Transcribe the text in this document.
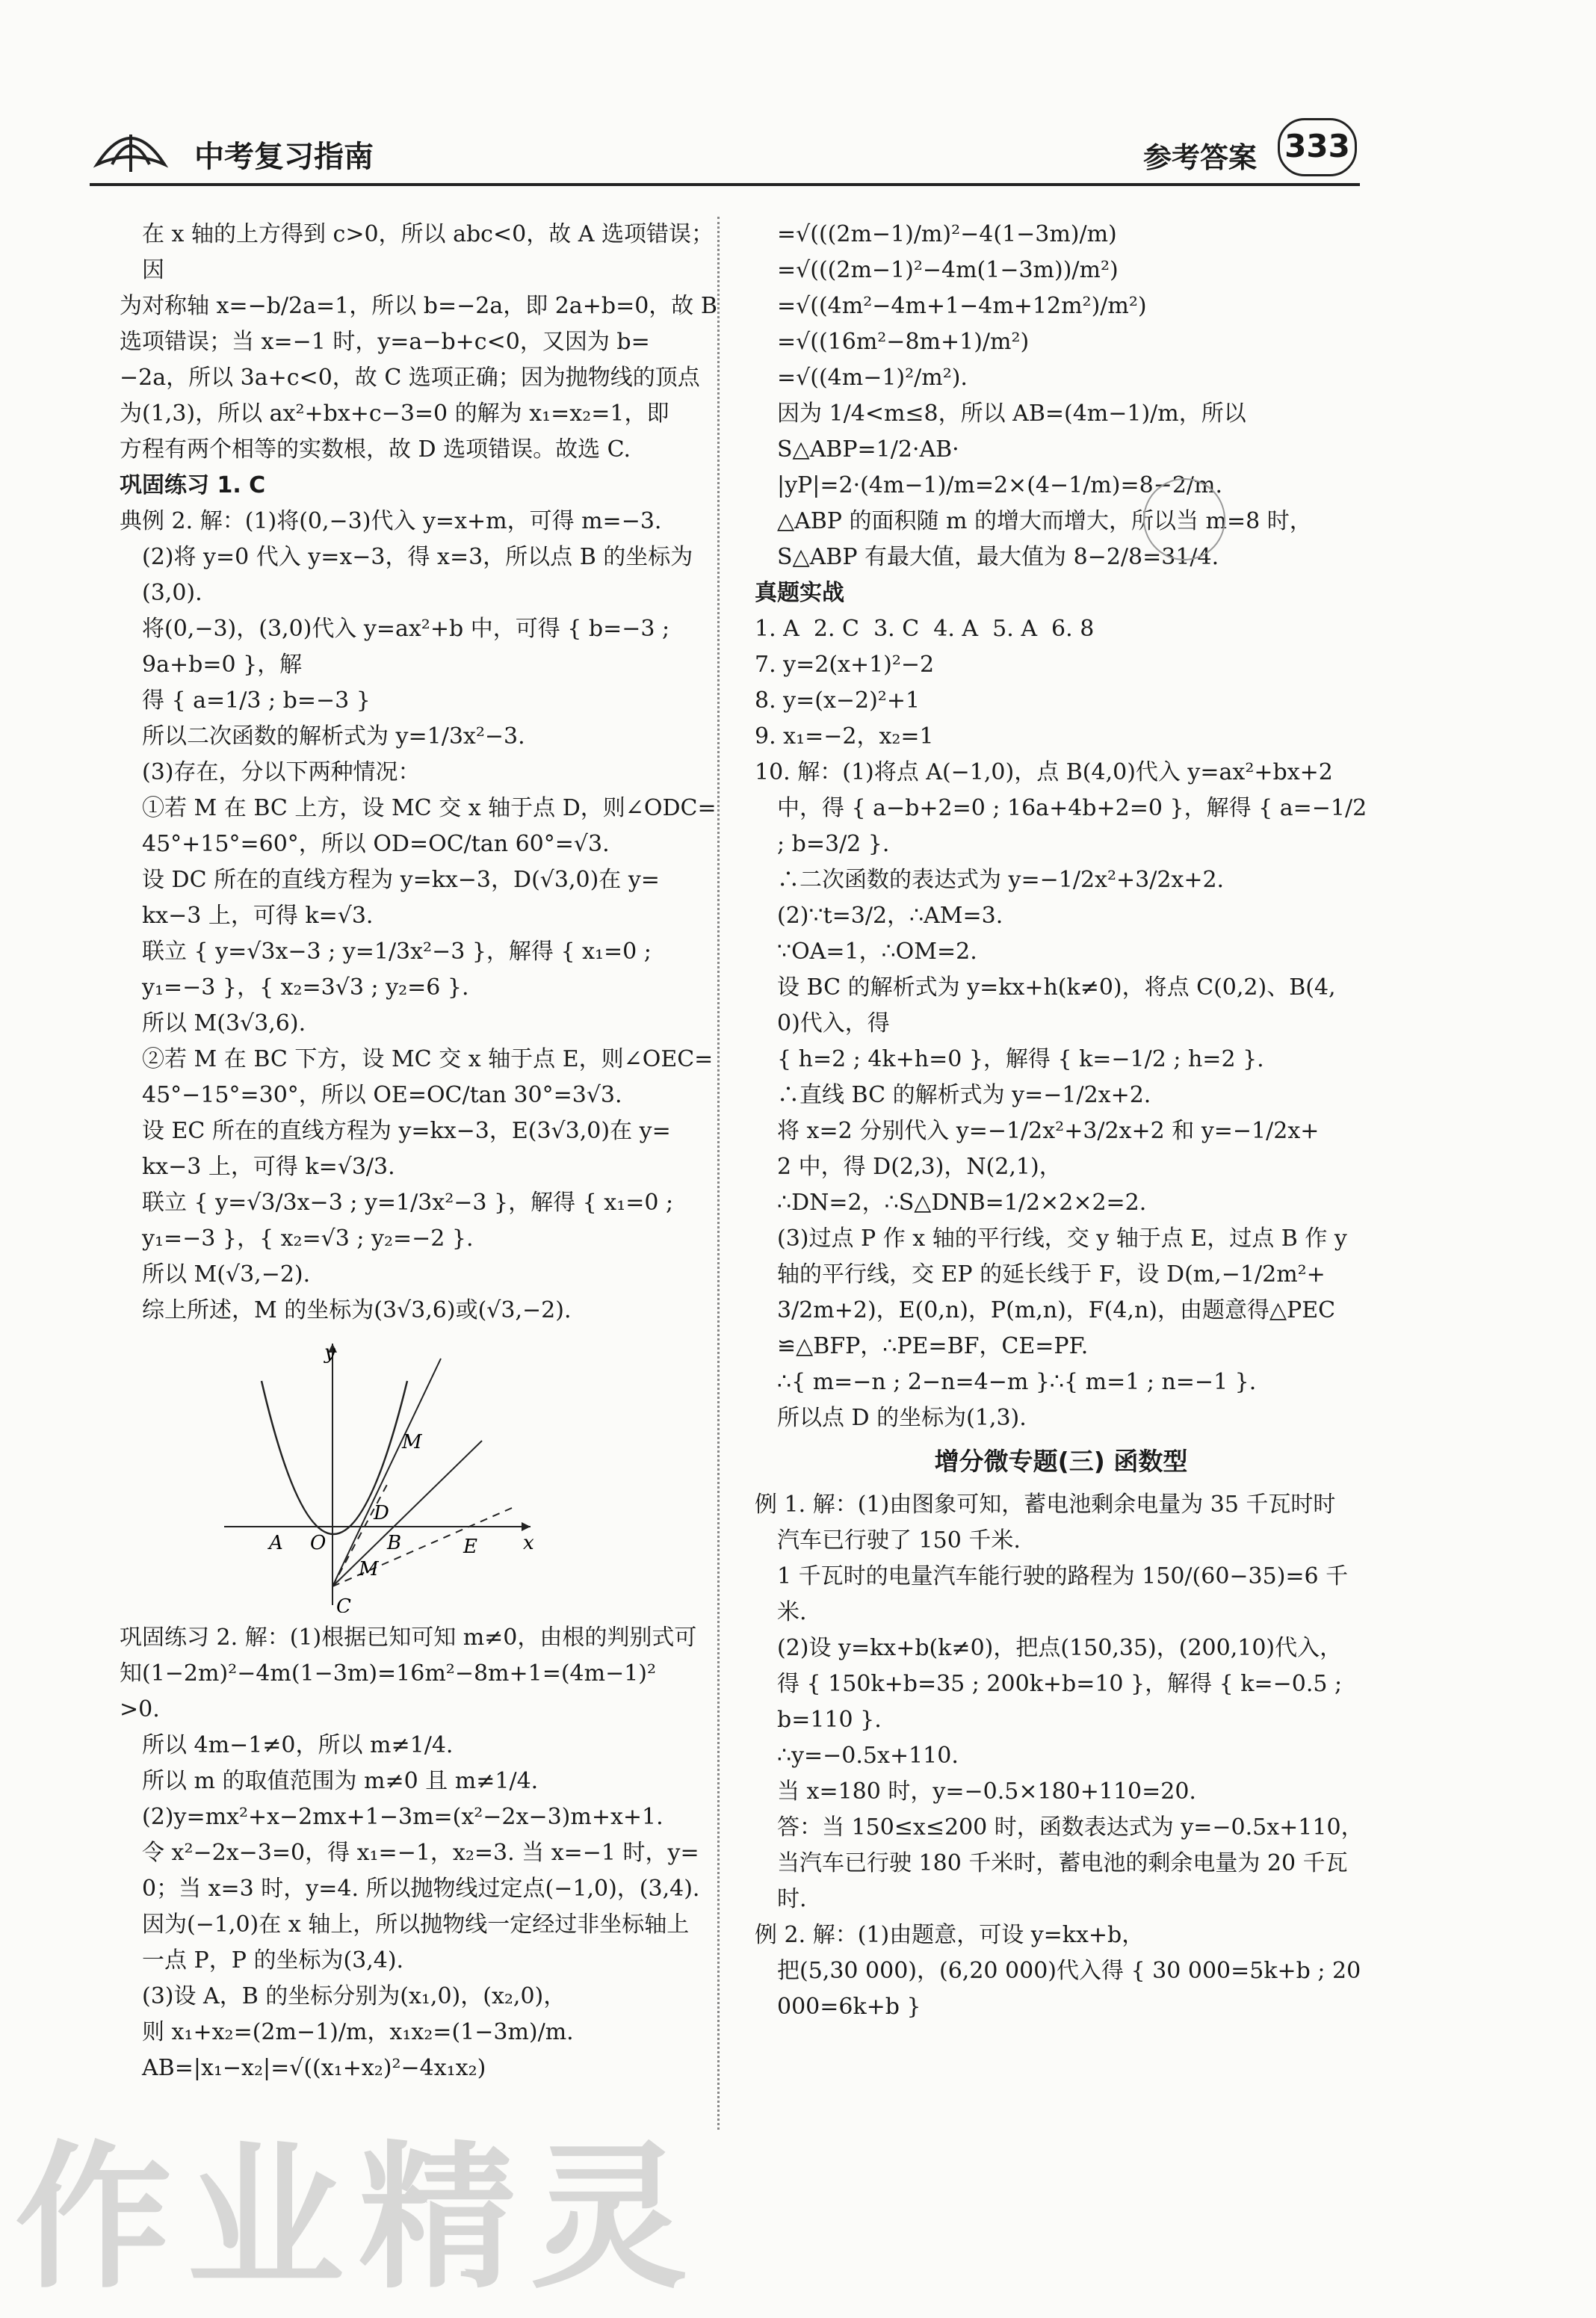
中考复习指南	参考答案 333

在 x 轴的上方得到 c>0，所以 abc<0，故 A 选项错误；因

为对称轴 x=−b/2a=1，所以 b=−2a，即 2a+b=0，故 B

选项错误；当 x=−1 时，y=a−b+c<0，又因为 b=

−2a，所以 3a+c<0，故 C 选项正确；因为抛物线的顶点

为(1,3)，所以 ax²+bx+c−3=0 的解为 x₁=x₂=1，即

方程有两个相等的实数根，故 D 选项错误。故选 C.

巩固练习 1. C

典例 2. 解：(1)将(0,−3)代入 y=x+m，可得 m=−3.

(2)将 y=0 代入 y=x−3，得 x=3，所以点 B 的坐标为

(3,0).

将(0,−3)，(3,0)代入 y=ax²+b 中，可得 { b=−3 ; 9a+b=0 }，解

得 { a=1/3 ; b=−3 }

所以二次函数的解析式为 y=1/3x²−3.

(3)存在，分以下两种情况：

①若 M 在 BC 上方，设 MC 交 x 轴于点 D，则∠ODC=

45°+15°=60°，所以 OD=OC/tan 60°=√3.

设 DC 所在的直线方程为 y=kx−3，D(√3,0)在 y=

kx−3 上，可得 k=√3.

联立 { y=√3x−3 ; y=1/3x²−3 }，解得 { x₁=0 ; y₁=−3 }，{ x₂=3√3 ; y₂=6 }.

所以 M(3√3,6).

②若 M 在 BC 下方，设 MC 交 x 轴于点 E，则∠OEC=

45°−15°=30°，所以 OE=OC/tan 30°=3√3.

设 EC 所在的直线方程为 y=kx−3，E(3√3,0)在 y=

kx−3 上，可得 k=√3/3.

联立 { y=√3/3x−3 ; y=1/3x²−3 }，解得 { x₁=0 ; y₁=−3 }，{ x₂=√3 ; y₂=−2 }.

所以 M(√3,−2).

综上所述，M 的坐标为(3√3,6)或(√3,−2).

y
x
A O	B
D
E
C
M
M

巩固练习 2. 解：(1)根据已知可知 m≠0，由根的判别式可

知(1−2m)²−4m(1−3m)=16m²−8m+1=(4m−1)²

>0.

所以 4m−1≠0，所以 m≠1/4.

所以 m 的取值范围为 m≠0 且 m≠1/4.

(2)y=mx²+x−2mx+1−3m=(x²−2x−3)m+x+1.

令 x²−2x−3=0，得 x₁=−1，x₂=3. 当 x=−1 时，y=

0；当 x=3 时，y=4. 所以抛物线过定点(−1,0)，(3,4).

因为(−1,0)在 x 轴上，所以抛物线一定经过非坐标轴上

一点 P，P 的坐标为(3,4).

(3)设 A，B 的坐标分别为(x₁,0)，(x₂,0)，

则 x₁+x₂=(2m−1)/m，x₁x₂=(1−3m)/m.

AB=|x₁−x₂|=√((x₁+x₂)²−4x₁x₂)

=√(((2m−1)/m)²−4(1−3m)/m)

=√(((2m−1)²−4m(1−3m))/m²)

=√((4m²−4m+1−4m+12m²)/m²)

=√((16m²−8m+1)/m²)

=√((4m−1)²/m²).

因为 1/4<m≤8，所以 AB=(4m−1)/m，所以 S△ABP=1/2·AB·

|yP|=2·(4m−1)/m=2×(4−1/m)=8−2/m.

△ABP 的面积随 m 的增大而增大，所以当 m=8 时，

S△ABP 有最大值，最大值为 8−2/8=31/4.

真题实战

1. A  2. C  3. C  4. A  5. A  6. 8

7. y=2(x+1)²−2

8. y=(x−2)²+1

9. x₁=−2，x₂=1

10. 解：(1)将点 A(−1,0)，点 B(4,0)代入 y=ax²+bx+2

中，得 { a−b+2=0 ; 16a+4b+2=0 }，解得 { a=−1/2 ; b=3/2 }.

∴二次函数的表达式为 y=−1/2x²+3/2x+2.

(2)∵t=3/2，∴AM=3.

∵OA=1，∴OM=2.

设 BC 的解析式为 y=kx+h(k≠0)，将点 C(0,2)、B(4,

0)代入，得

{ h=2 ; 4k+h=0 }，解得 { k=−1/2 ; h=2 }.

∴直线 BC 的解析式为 y=−1/2x+2.

将 x=2 分别代入 y=−1/2x²+3/2x+2 和 y=−1/2x+

2 中，得 D(2,3)，N(2,1)，

∴DN=2，∴S△DNB=1/2×2×2=2.

(3)过点 P 作 x 轴的平行线，交 y 轴于点 E，过点 B 作 y

轴的平行线，交 EP 的延长线于 F，设 D(m,−1/2m²+

3/2m+2)，E(0,n)，P(m,n)，F(4,n)，由题意得△PEC

≌△BFP，∴PE=BF，CE=PF.

∴{ m=−n ; 2−n=4−m }∴{ m=1 ; n=−1 }.

所以点 D 的坐标为(1,3).

增分微专题(三) 函数型

例 1. 解：(1)由图象可知，蓄电池剩余电量为 35 千瓦时时

汽车已行驶了 150 千米.

1 千瓦时的电量汽车能行驶的路程为 150/(60−35)=6 千米.

(2)设 y=kx+b(k≠0)，把点(150,35)，(200,10)代入，

得 { 150k+b=35 ; 200k+b=10 }，解得 { k=−0.5 ; b=110 }.

∴y=−0.5x+110.

当 x=180 时，y=−0.5×180+110=20.

答：当 150≤x≤200 时，函数表达式为 y=−0.5x+110，

当汽车已行驶 180 千米时，蓄电池的剩余电量为 20 千瓦

时.

例 2. 解：(1)由题意，可设 y=kx+b，

把(5,30 000)，(6,20 000)代入得 { 30 000=5k+b ; 20 000=6k+b }

作业精灵
